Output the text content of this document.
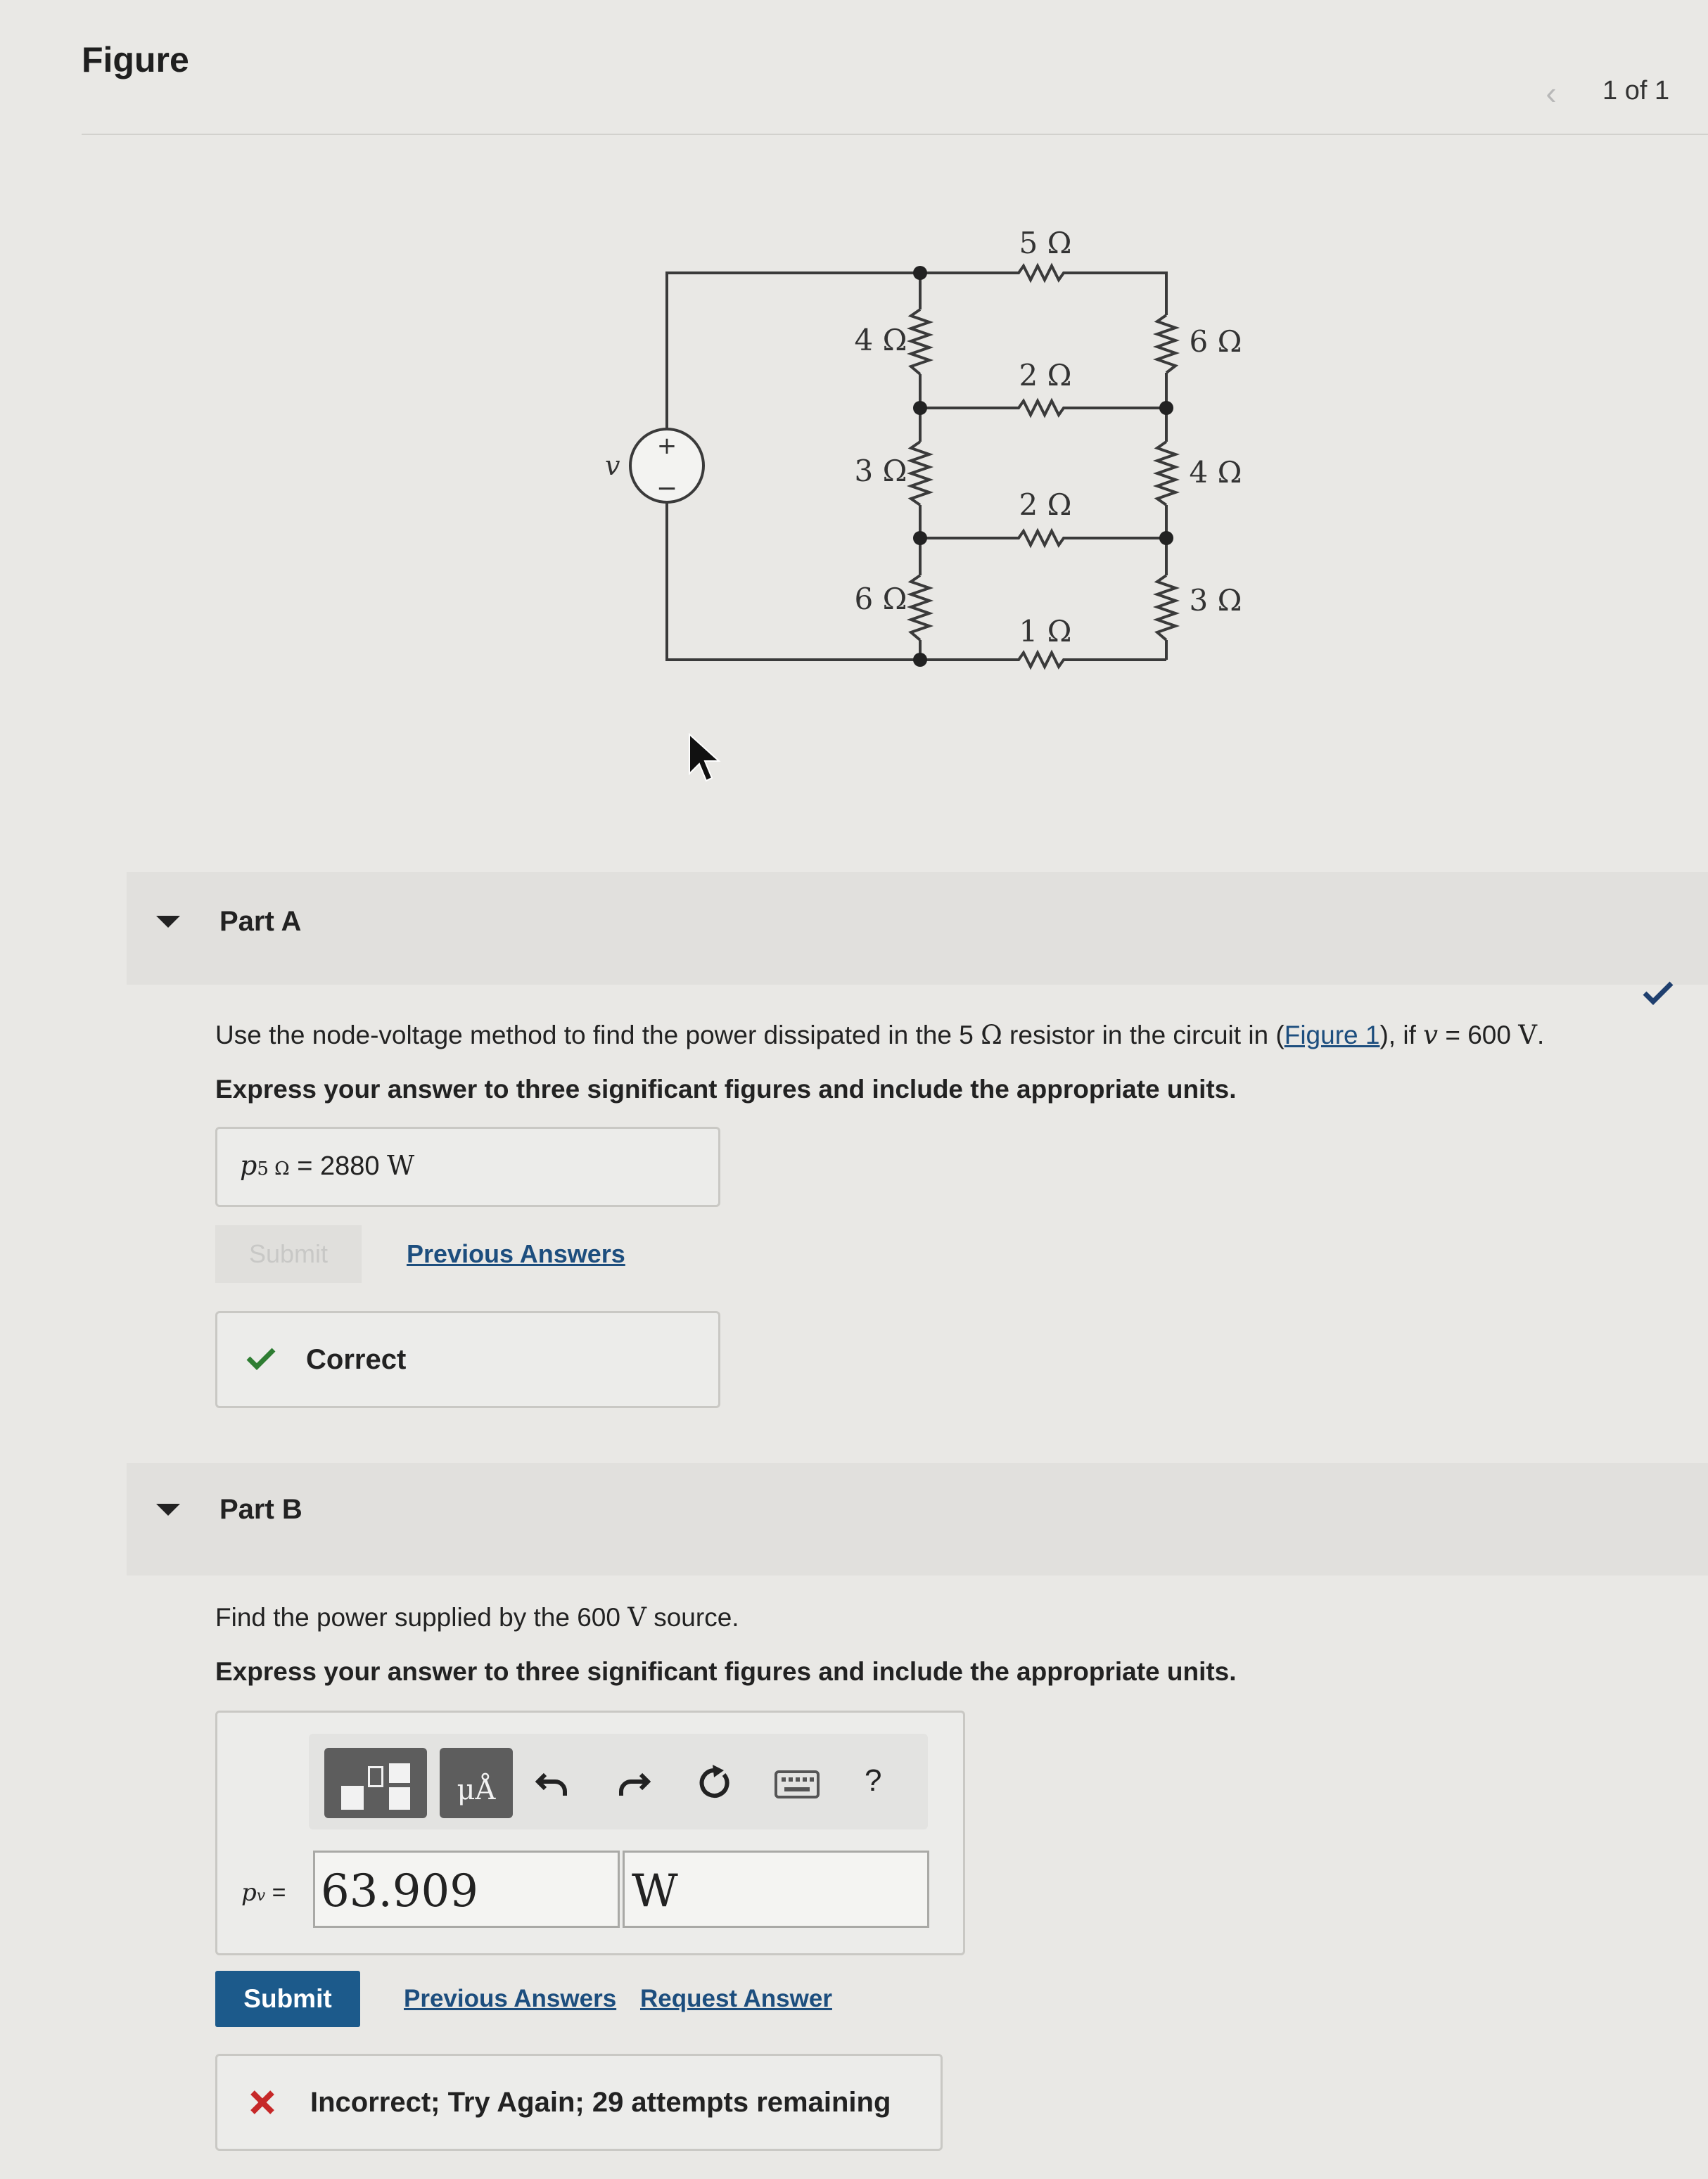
Figure
‹	1 of 1
+
−
v
5 Ω
4 Ω
3 Ω
6 Ω
2 Ω
2 Ω
1 Ω
6 Ω
4 Ω
3 Ω
Part A
Use the node-voltage method to find the power dissipated in the 5 Ω resistor in the circuit in (Figure 1), if v = 600 V.
Express your answer to three significant figures and include the appropriate units.
p5 Ω = 2880 W
Submit	Previous Answers
Correct
Part B
Find the power supplied by the 600 V source.
Express your answer to three significant figures and include the appropriate units.
μÅ	?
pv = 63.909	W
Submit	Previous Answers Request Answer
Incorrect; Try Again; 29 attempts remaining
